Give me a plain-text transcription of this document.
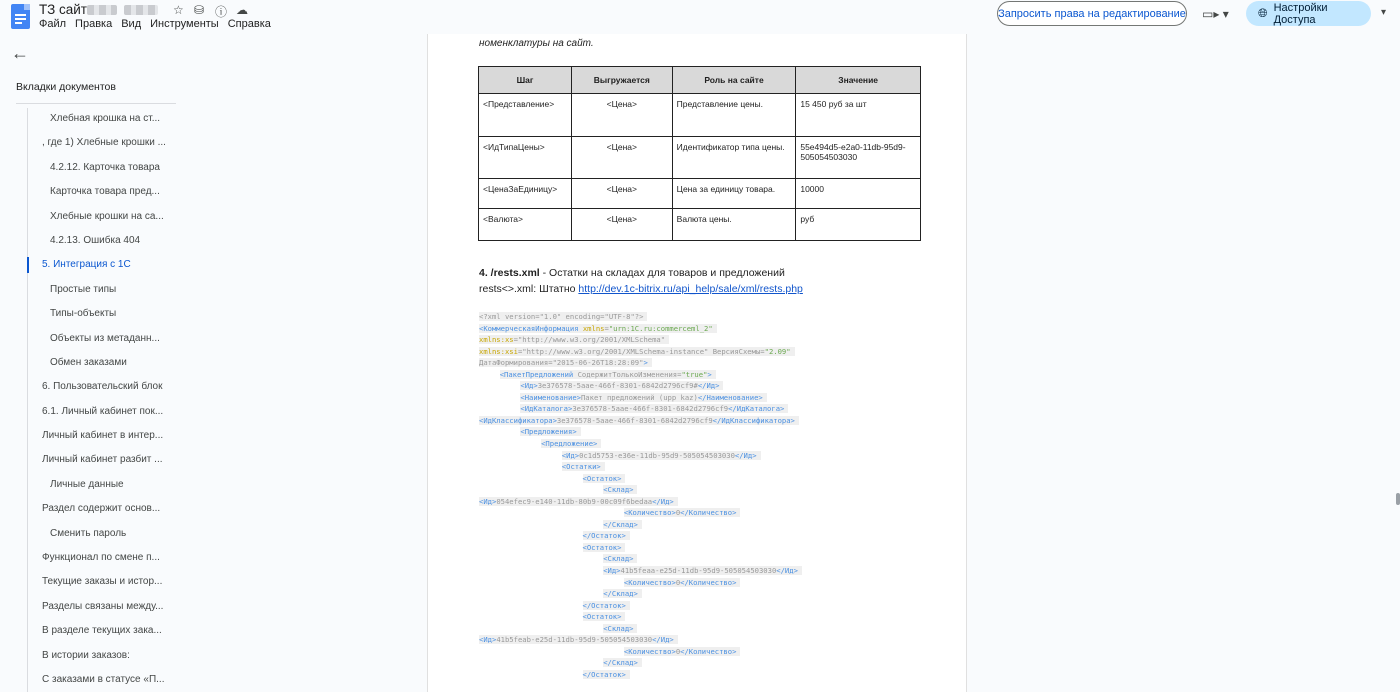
ТЗ сайт	☆ ⛁ ⓘ ☁
Файл Правка Вид Инструменты Справка
Запросить права на редактирование ▭▸ ▾ 🌐︎ Настройки Доступа
▾
←
Вкладки документов
Хлебная крошка на ст...
, где 1) Хлебные крошки ...
4.2.12. Карточка товара
Карточка товара пред...
Хлебные крошки на са...
4.2.13. Ошибка 404
5. Интеграция с 1С
Простые типы
Типы-объекты
Объекты из метаданн...
Обмен заказами
6. Пользовательский блок
6.1. Личный кабинет пок...
Личный кабинет в интер...
Личный кабинет разбит ...
Личные данные
Раздел содержит основ...
Сменить пароль
Функционал по смене п...
Текущие заказы и истор...
Разделы связаны между...
В разделе текущих зака...
В истории заказов:
С заказами в статусе «П...
номенклатуры на сайт.
Шаг	Выгружается	Роль на сайте	Значение
<Представление>	<Цена>	Представление цены.	15 450 руб за шт
<ИдТипаЦены>	<Цена>	Идентификатор типа цены.	55e494d5-e2a0-11db-95d9-505054503030
<ЦенаЗаЕдиницу>	<Цена>	Цена за единицу товара.	10000
<Валюта>	<Цена>	Валюта цены.	руб
4. /rests.xml - Остатки на складах для товаров и предложений
rests<>.xml: Штатно http://dev.1c-bitrix.ru/api_help/sale/xml/rests.php
<?xml version="1.0" encoding="UTF-8"?>
<КоммерческаяИнформация xmlns="urn:1C.ru:commerceml_2"
xmlns:xs="http://www.w3.org/2001/XMLSchema"
xmlns:xsi="http://www.w3.org/2001/XMLSchema-instance" ВерсияСхемы="2.09"
ДатаФормирования="2015-06-26T18:28:09">
<ПакетПредложений СодержитТолькоИзменения="true">
<Ид>3e376578-5aae-466f-8301-6842d2796cf9#</Ид>
<Наименование>Пакет предложений (upp kaz)</Наименование>
<ИдКаталога>3e376578-5aae-466f-8301-6842d2796cf9</ИдКаталога>
<ИдКлассификатора>3e376578-5aae-466f-8301-6842d2796cf9</ИдКлассификатора>
<Предложения>
<Предложение>
<Ид>0c1d5753-e36e-11db-95d9-505054503030</Ид>
<Остатки>
<Остаток>
<Склад>
<Ид>054efec9-e140-11db-80b9-00c09f6bedaa</Ид>
<Количество>0</Количество>
</Склад>
</Остаток>
<Остаток>
<Склад>
<Ид>41b5feaa-e25d-11db-95d9-505054503030</Ид>
<Количество>0</Количество>
</Склад>
</Остаток>
<Остаток>
<Склад>
<Ид>41b5feab-e25d-11db-95d9-505054503030</Ид>
<Количество>0</Количество>
</Склад>
</Остаток>
